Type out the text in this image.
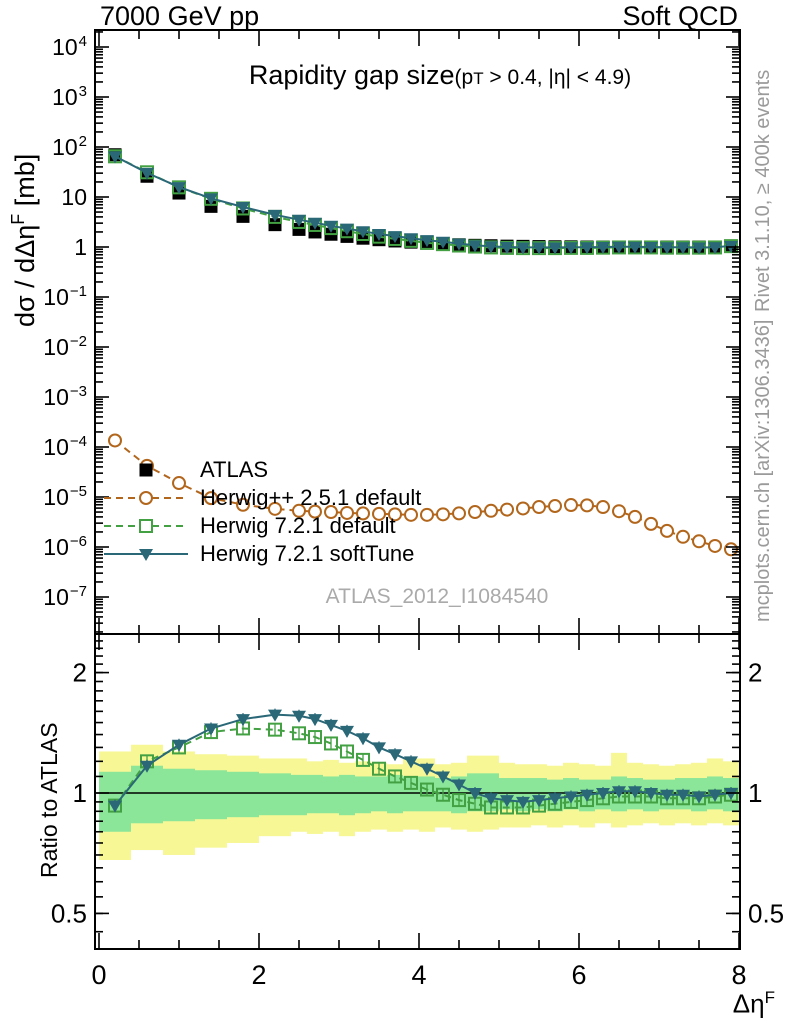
0	2	4	6	8
$10^4$
$10^3$
$10^2$
10
1
$10^{-1}$
$10^{-2}$
$10^{-3}$
$10^{-4}$
$10^{-5}$
$10^{-6}$
$10^{-7}$
2	2
1	1
0.5	0.5
7000 GeV pp	Soft QCD
Rapidity gap size(pT > 0.4, |η| < 4.9)
dσ / dΔη$^F$ [mb]
Ratio to ATLAS
$\Delta\eta^F$
ATLAS_2012_I1084540
Rivet 3.1.10, ≥ 400k events
mcplots.cern.ch [arXiv:1306.3436]
ATLAS
Herwig++ 2.5.1 default
Herwig 7.2.1 default
Herwig 7.2.1 softTune
